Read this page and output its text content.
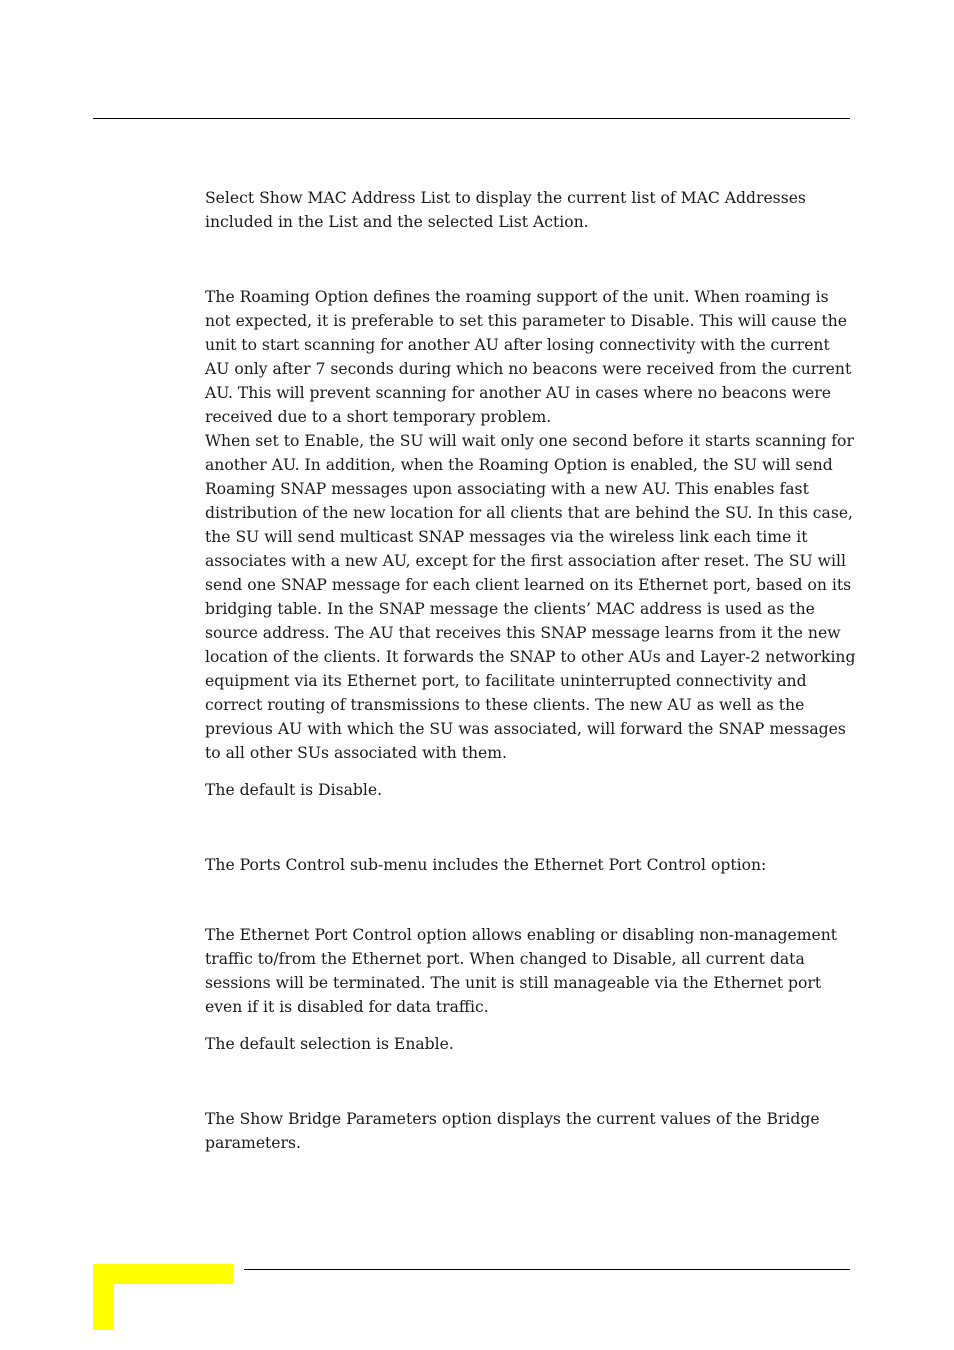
Select Show MAC Address List to display the current list of MAC Addresses
included in the List and the selected List Action.

The Roaming Option defines the roaming support of the unit. When roaming is
not expected, it is preferable to set this parameter to Disable. This will cause the
unit to start scanning for another AU after losing connectivity with the current
AU only after 7 seconds during which no beacons were received from the current
AU. This will prevent scanning for another AU in cases where no beacons were
received due to a short temporary problem.

When set to Enable, the SU will wait only one second before it starts scanning for
another AU. In addition, when the Roaming Option is enabled, the SU will send
Roaming SNAP messages upon associating with a new AU. This enables fast
distribution of the new location for all clients that are behind the SU. In this case,
the SU will send multicast SNAP messages via the wireless link each time it
associates with a new AU, except for the first association after reset. The SU will
send one SNAP message for each client learned on its Ethernet port, based on its
bridging table. In the SNAP message the clients’ MAC address is used as the
source address. The AU that receives this SNAP message learns from it the new
location of the clients. It forwards the SNAP to other AUs and Layer-2 networking
equipment via its Ethernet port, to facilitate uninterrupted connectivity and
correct routing of transmissions to these clients. The new AU as well as the
previous AU with which the SU was associated, will forward the SNAP messages
to all other SUs associated with them.

The default is Disable.

The Ports Control sub-menu includes the Ethernet Port Control option:

The Ethernet Port Control option allows enabling or disabling non-management
traffic to/from the Ethernet port. When changed to Disable, all current data
sessions will be terminated. The unit is still manageable via the Ethernet port
even if it is disabled for data traffic.

The default selection is Enable.

The Show Bridge Parameters option displays the current values of the Bridge
parameters.
